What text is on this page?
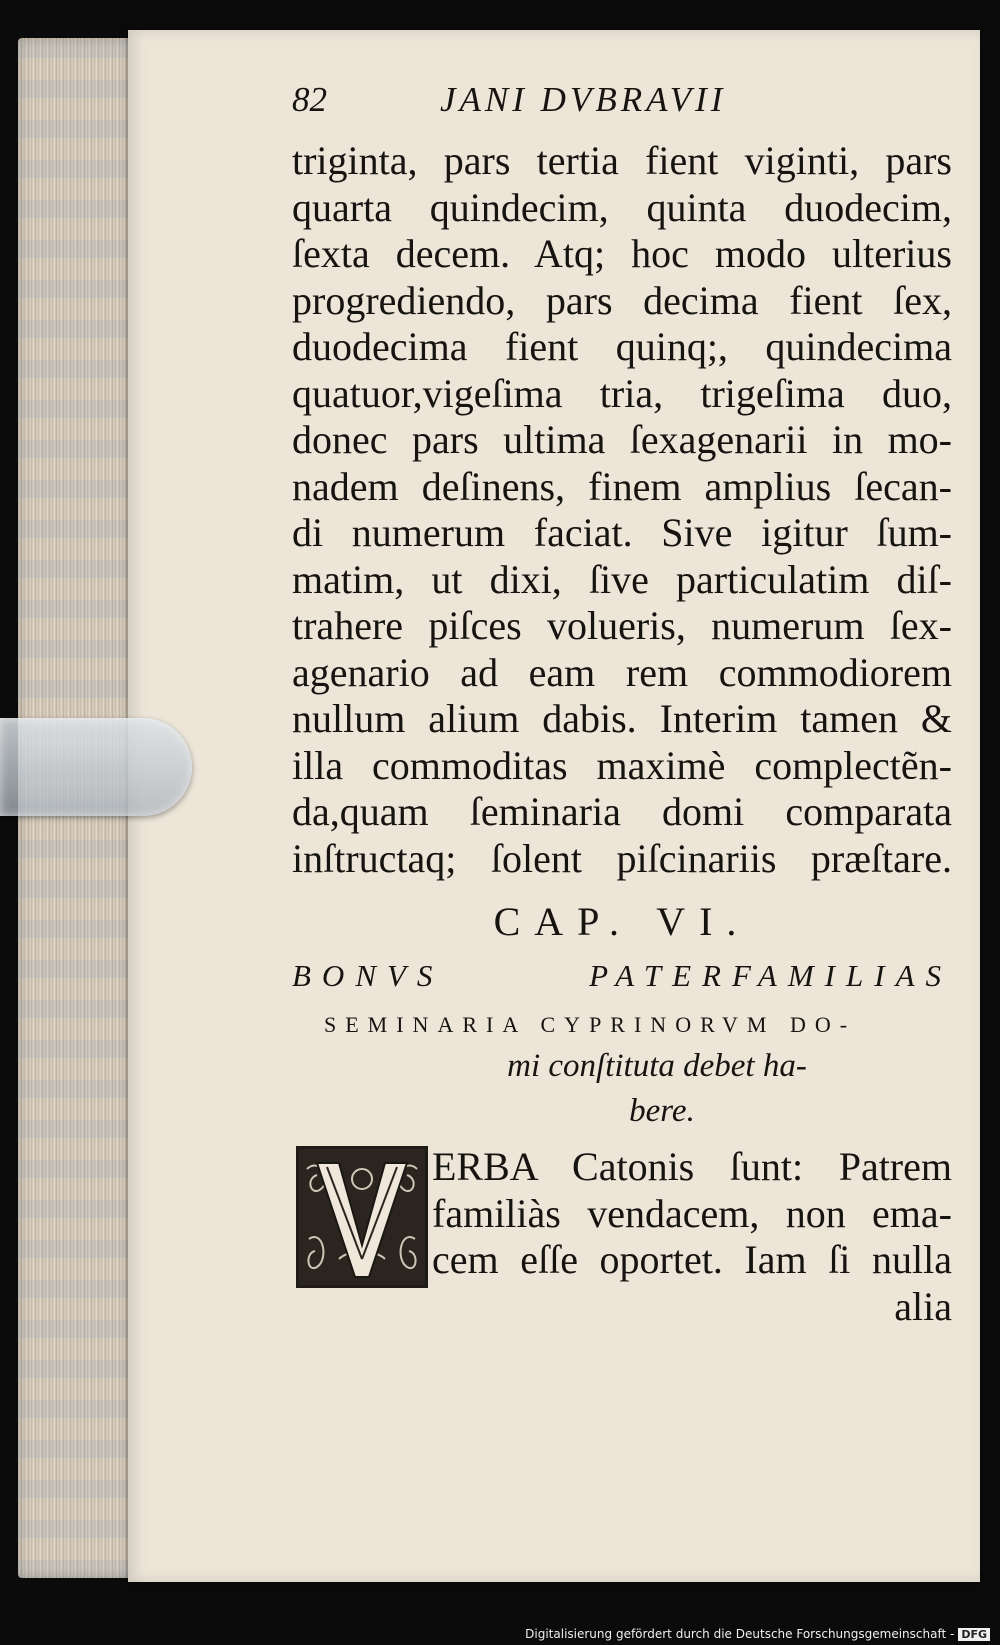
82	JANI DVBRAVII
triginta, pars tertia fient viginti, pars
quarta quindecim, quinta duodecim,
ſexta decem. Atq; hoc modo ulterius
progrediendo, pars decima fient ſex,
duodecima fient quinq;, quindecima
quatuor,vigeſima tria, trigeſima duo,
donec pars ultima ſexagenarii in mo-
nadem deſinens, finem amplius ſecan-
di numerum faciat. Sive igitur ſum-
matim, ut dixi, ſive particulatim diſ-
trahere piſces volueris, numerum ſex-
agenario ad eam rem commodiorem
nullum alium dabis. Interim tamen &
illa commoditas maximè complectẽn-
da,quam ſeminaria domi comparata
inſtructaq; ſolent piſcinariis præſtare.
CAP. VI.
BONVS PATERFAMILIAS
SEMINARIA CYPRINORVM DO-
mi conſtituta debet ha-
bere.
ERBA Catonis ſunt: Patrem
familiàs vendacem, non ema-
cem eſſe oportet. Iam ſi nulla
alia
Digitalisierung gefördert durch die Deutsche Forschungsgemeinschaft - DFG
